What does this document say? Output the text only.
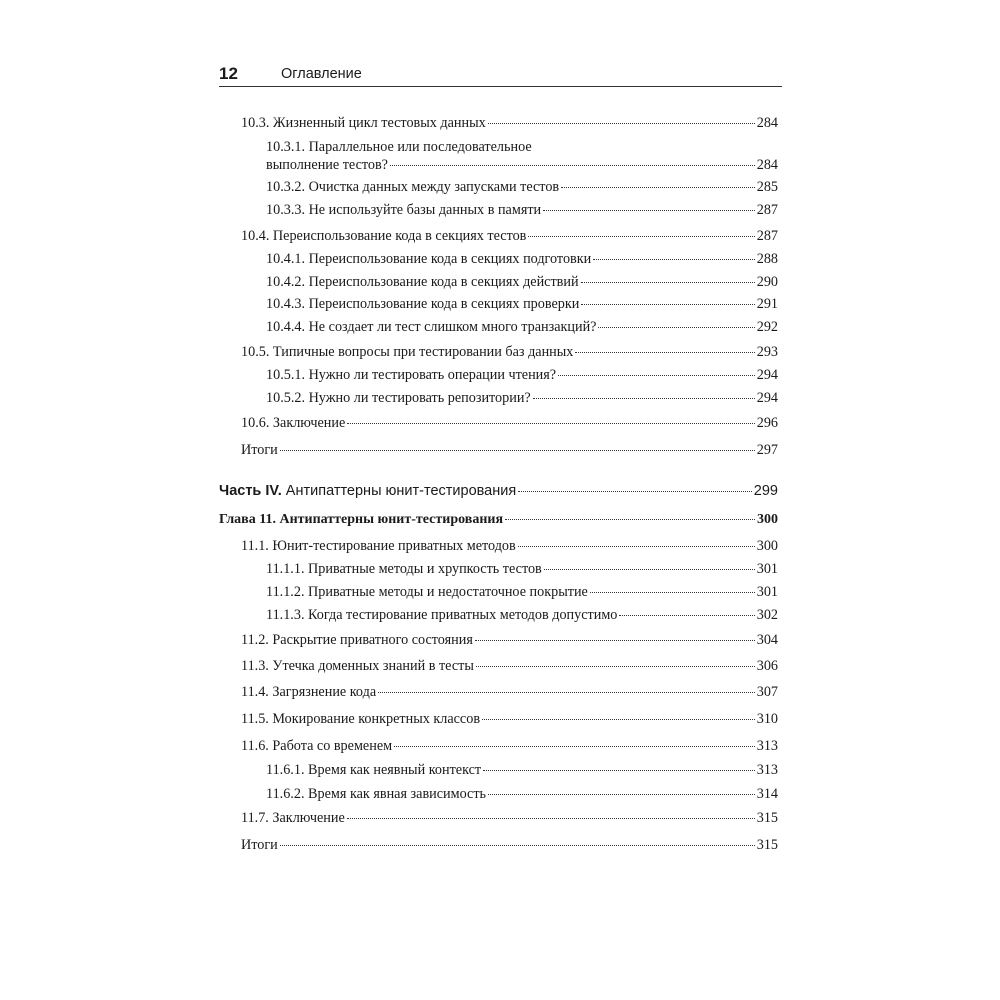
12	Оглавление
10.3. Жизненный цикл тестовых данных	284
10.3.1. Параллельное или последовательное
выполнение тестов?	284
10.3.2. Очистка данных между запусками тестов	285
10.3.3. Не используйте базы данных в памяти	287
10.4. Переиспользование кода в секциях тестов	287
10.4.1. Переиспользование кода в секциях подготовки	288
10.4.2. Переиспользование кода в секциях действий	290
10.4.3. Переиспользование кода в секциях проверки	291
10.4.4. Не создает ли тест слишком много транзакций?	292
10.5. Типичные вопросы при тестировании баз данных	293
10.5.1. Нужно ли тестировать операции чтения?	294
10.5.2. Нужно ли тестировать репозитории?	294
10.6. Заключение	296
Итоги	297
Часть IV. Антипаттерны юнит-тестирования	299
Глава 11. Антипаттерны юнит-тестирования	300
11.1. Юнит-тестирование приватных методов	300
11.1.1. Приватные методы и хрупкость тестов	301
11.1.2. Приватные методы и недостаточное покрытие	301
11.1.3. Когда тестирование приватных методов допустимо	302
11.2. Раскрытие приватного состояния	304
11.3. Утечка доменных знаний в тесты	306
11.4. Загрязнение кода	307
11.5. Мокирование конкретных классов	310
11.6. Работа со временем	313
11.6.1. Время как неявный контекст	313
11.6.2. Время как явная зависимость	314
11.7. Заключение	315
Итоги	315
